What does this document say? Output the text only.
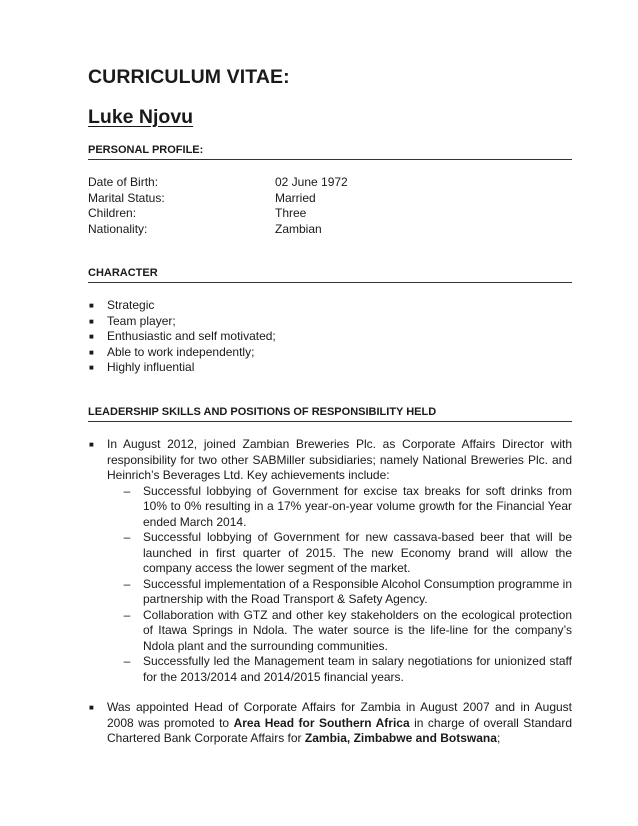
CURRICULUM VITAE:
Luke Njovu
PERSONAL PROFILE:
Date of Birth:	02 June 1972
Marital Status:	Married
Children:	Three
Nationality:	Zambian
CHARACTER
■	Strategic
■	Team player;
■	Enthusiastic and self motivated;
■	Able to work independently;
■	Highly influential
LEADERSHIP SKILLS AND POSITIONS OF RESPONSIBILITY HELD
■	In August 2012, joined Zambian Breweries Plc. as Corporate Affairs Director with responsibility for two other SABMiller subsidiaries; namely National Breweries Plc. and Heinrich’s Beverages Ltd. Key achievements include:
–	Successful lobbying of Government for excise tax breaks for soft drinks from 10% to 0% resulting in a 17% year-on-year volume growth for the Financial Year ended March 2014.
–	Successful lobbying of Government for new cassava-based beer that will be launched in first quarter of 2015. The new Economy brand will allow the company access the lower segment of the market.
–	Successful implementation of a Responsible Alcohol Consumption programme in partnership with the Road Transport & Safety Agency.
–	Collaboration with GTZ and other key stakeholders on the ecological protection of Itawa Springs in Ndola. The water source is the life-line for the company’s Ndola plant and the surrounding communities.
–	Successfully led the Management team in salary negotiations for unionized staff for the 2013/2014 and 2014/2015 financial years.
■	Was appointed Head of Corporate Affairs for Zambia in August 2007 and in August 2008 was promoted to Area Head for Southern Africa in charge of overall Standard Chartered Bank Corporate Affairs for Zambia, Zimbabwe and Botswana;
